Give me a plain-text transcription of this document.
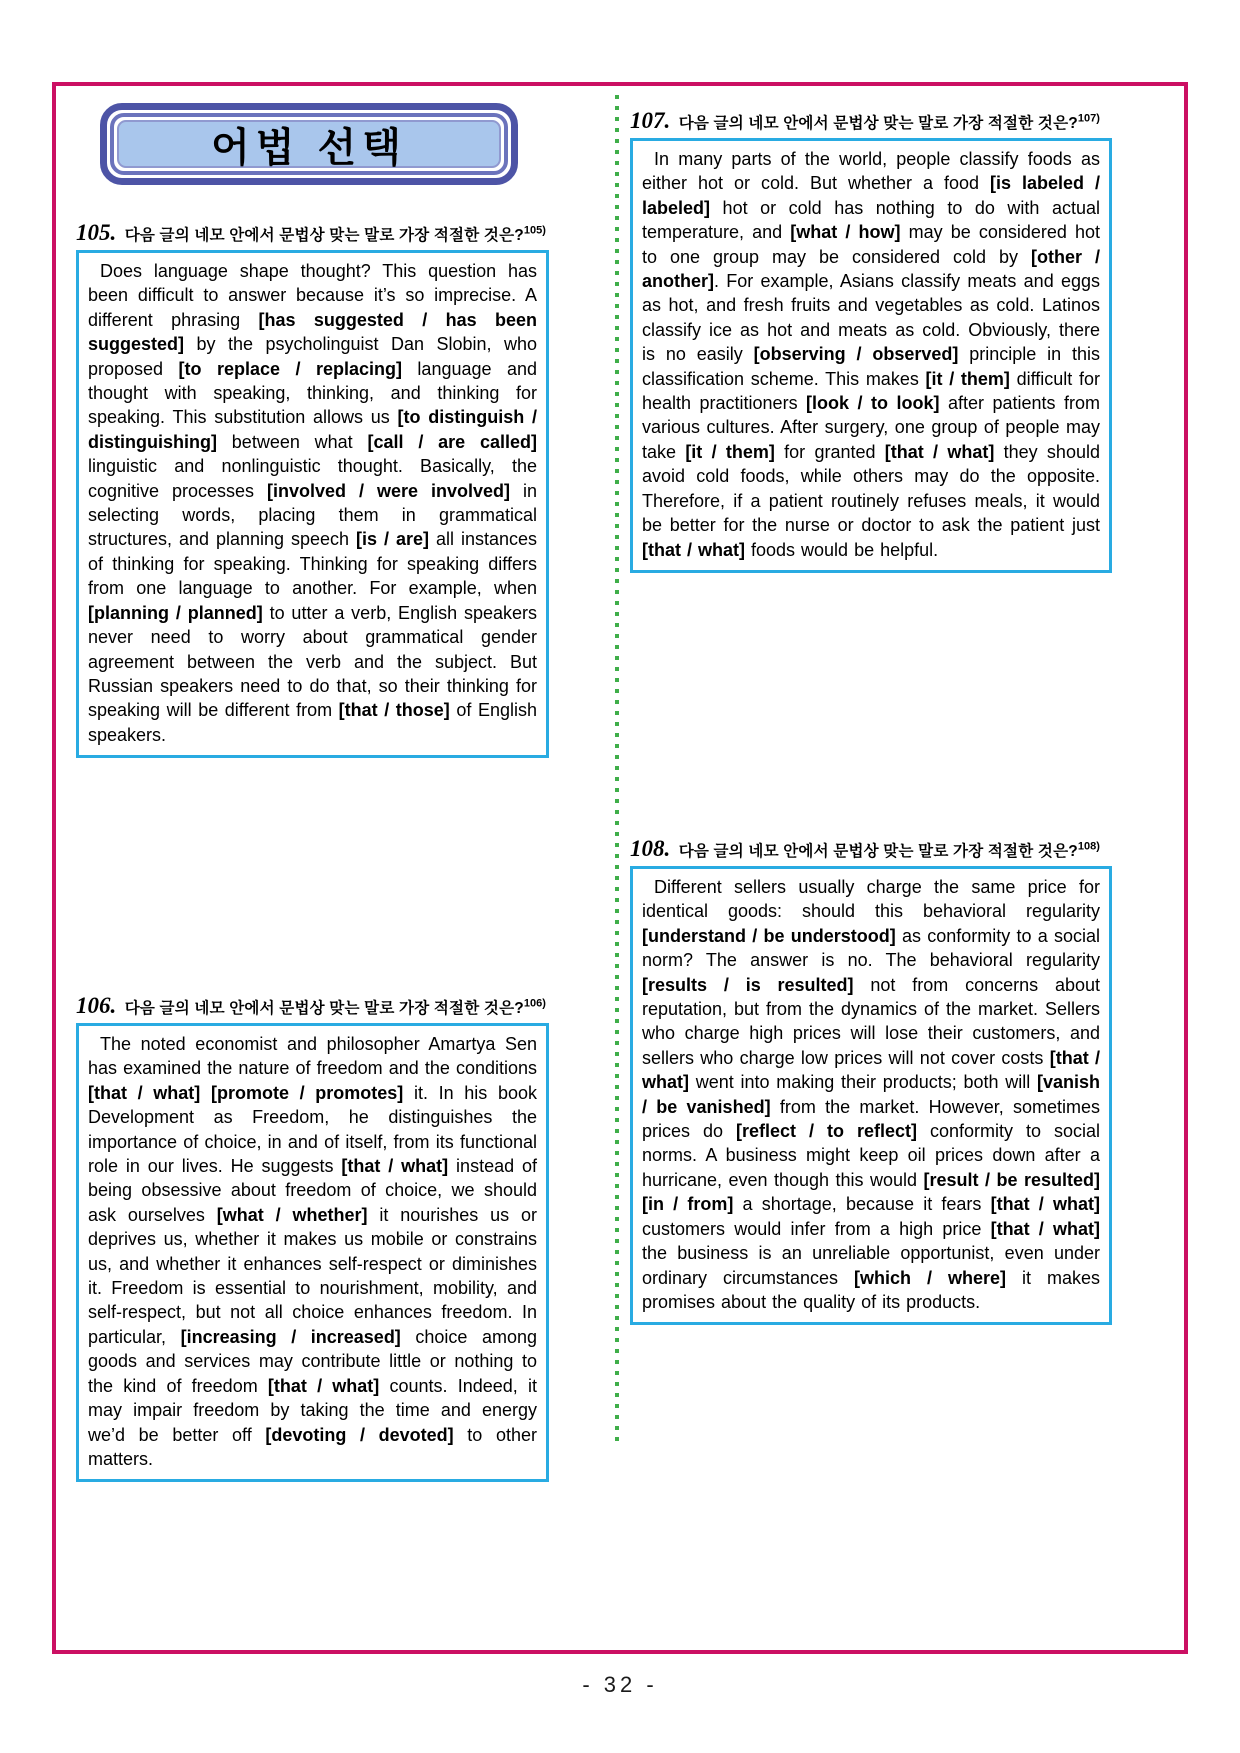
어법 선택
105. 다음 글의 네모 안에서 문법상 맞는 말로 가장 적절한 것은?$^{105)}$
Does language shape thought? This question has been difficult to answer because it’s so imprecise. A different phrasing [has suggested / has been suggested] by the psycholinguist Dan Slobin, who proposed [to replace / replacing] language and thought with speaking, thinking, and thinking for speaking. This substitution allows us [to distinguish / distinguishing] between what [call / are called] linguistic and nonlinguistic thought. Basically, the cognitive processes [involved / were involved] in selecting words, placing them in grammatical structures, and planning speech [is / are] all instances of thinking for speaking. Thinking for speaking differs from one language to another. For example, when [planning / planned] to utter a verb, English speakers never need to worry about grammatical gender agreement between the verb and the subject. But Russian speakers need to do that, so their thinking for speaking will be different from [that / those] of English speakers.
106. 다음 글의 네모 안에서 문법상 맞는 말로 가장 적절한 것은?$^{106)}$
The noted economist and philosopher Amartya Sen has examined the nature of freedom and the conditions [that / what] [promote / promotes] it. In his book Development as Freedom, he distinguishes the importance of choice, in and of itself, from its functional role in our lives. He suggests [that / what] instead of being obsessive about freedom of choice, we should ask ourselves [what / whether] it nourishes us or deprives us, whether it makes us mobile or constrains us, and whether it enhances self-respect or diminishes it. Freedom is essential to nourishment, mobility, and self-respect, but not all choice enhances freedom. In particular, [increasing / increased] choice among goods and services may contribute little or nothing to the kind of freedom [that / what] counts. Indeed, it may impair freedom by taking the time and energy we’d be better off [devoting / devoted] to other matters.
107. 다음 글의 네모 안에서 문법상 맞는 말로 가장 적절한 것은?$^{107)}$
In many parts of the world, people classify foods as either hot or cold. But whether a food [is labeled / labeled] hot or cold has nothing to do with actual temperature, and [what / how] may be considered hot to one group may be considered cold by [other / another]. For example, Asians classify meats and eggs as hot, and fresh fruits and vegetables as cold. Latinos classify ice as hot and meats as cold. Obviously, there is no easily [observing / observed] principle in this classification scheme. This makes [it / them] difficult for health practitioners [look / to look] after patients from various cultures. After surgery, one group of people may take [it / them] for granted [that / what] they should avoid cold foods, while others may do the opposite. Therefore, if a patient routinely refuses meals, it would be better for the nurse or doctor to ask the patient just [that / what] foods would be helpful.
108. 다음 글의 네모 안에서 문법상 맞는 말로 가장 적절한 것은?$^{108)}$
Different sellers usually charge the same price for identical goods: should this behavioral regularity [understand / be understood] as conformity to a social norm? The answer is no. The behavioral regularity [results / is resulted] not from concerns about reputation, but from the dynamics of the market. Sellers who charge high prices will lose their customers, and sellers who charge low prices will not cover costs [that / what] went into making their products; both will [vanish / be vanished] from the market. However, sometimes prices do [reflect / to reflect] conformity to social norms. A business might keep oil prices down after a hurricane, even though this would [result / be resulted] [in / from] a shortage, because it fears [that / what] customers would infer from a high price [that / what] the business is an unreliable opportunist, even under ordinary circumstances [which / where] it makes promises about the quality of its products.
- 32 -
